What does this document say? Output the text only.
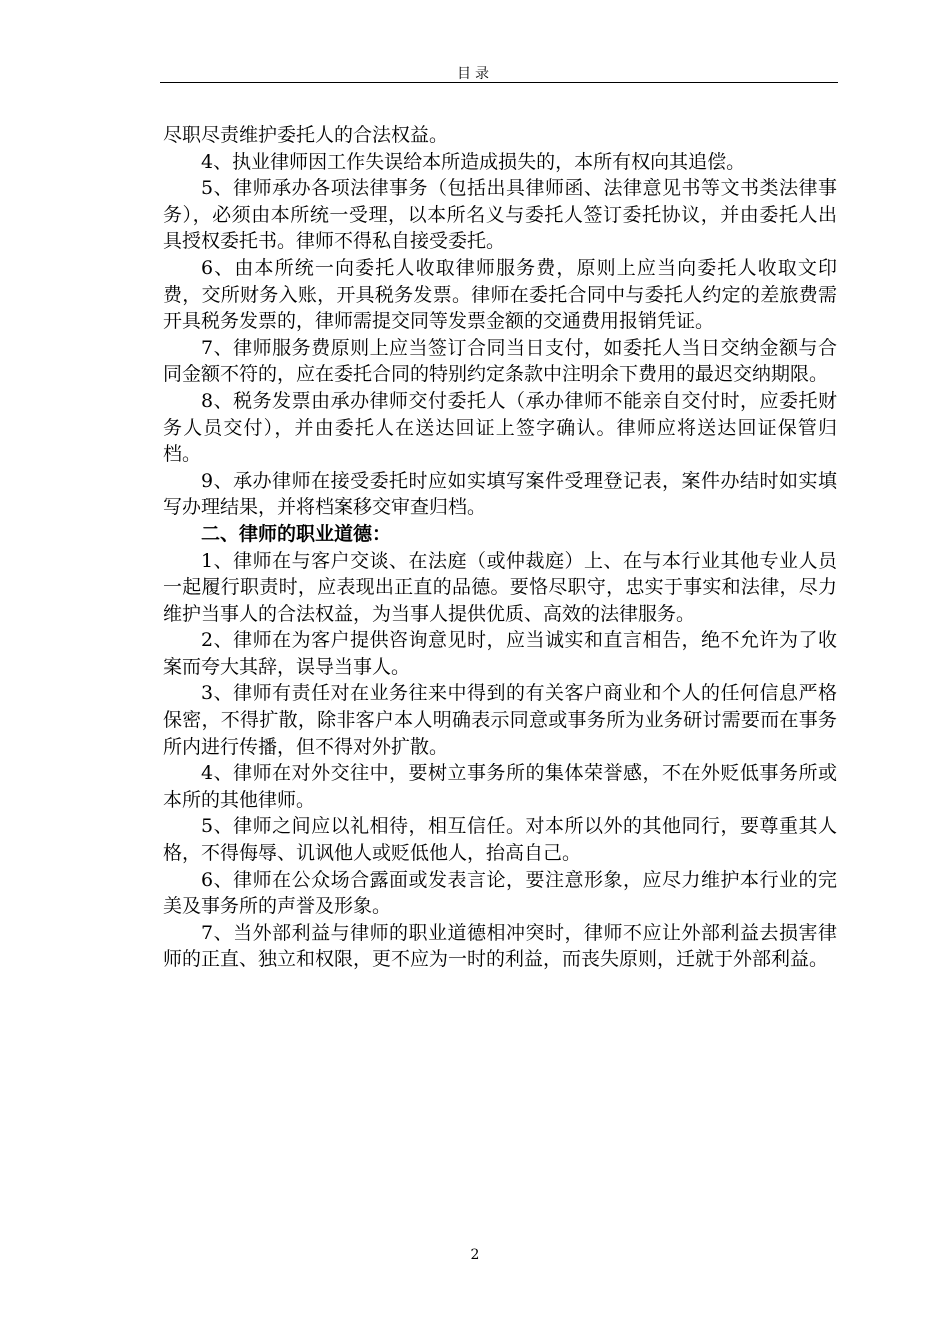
目录

尽职尽责维护委托人的合法权益。

4、执业律师因工作失误给本所造成损失的，本所有权向其追偿。

5、律师承办各项法律事务（包括出具律师函、法律意见书等文书类法律事务），必须由本所统一受理，以本所名义与委托人签订委托协议，并由委托人出具授权委托书。律师不得私自接受委托。

6、由本所统一向委托人收取律师服务费，原则上应当向委托人收取文印费，交所财务入账，开具税务发票。律师在委托合同中与委托人约定的差旅费需开具税务发票的，律师需提交同等发票金额的交通费用报销凭证。

7、律师服务费原则上应当签订合同当日支付，如委托人当日交纳金额与合同金额不符的，应在委托合同的特别约定条款中注明余下费用的最迟交纳期限。

8、税务发票由承办律师交付委托人（承办律师不能亲自交付时，应委托财务人员交付），并由委托人在送达回证上签字确认。律师应将送达回证保管归档。

9、承办律师在接受委托时应如实填写案件受理登记表，案件办结时如实填写办理结果，并将档案移交审查归档。

二、律师的职业道德：

1、律师在与客户交谈、在法庭（或仲裁庭）上、在与本行业其他专业人员一起履行职责时，应表现出正直的品德。要恪尽职守，忠实于事实和法律，尽力维护当事人的合法权益，为当事人提供优质、高效的法律服务。

2、律师在为客户提供咨询意见时，应当诚实和直言相告，绝不允许为了收案而夸大其辞，误导当事人。

3、律师有责任对在业务往来中得到的有关客户商业和个人的任何信息严格保密，不得扩散，除非客户本人明确表示同意或事务所为业务研讨需要而在事务所内进行传播，但不得对外扩散。

4、律师在对外交往中，要树立事务所的集体荣誉感，不在外贬低事务所或本所的其他律师。

5、律师之间应以礼相待，相互信任。对本所以外的其他同行，要尊重其人格，不得侮辱、讥讽他人或贬低他人，抬高自己。

6、律师在公众场合露面或发表言论，要注意形象，应尽力维护本行业的完美及事务所的声誉及形象。

7、当外部利益与律师的职业道德相冲突时，律师不应让外部利益去损害律师的正直、独立和权限，更不应为一时的利益，而丧失原则，迁就于外部利益。

2
